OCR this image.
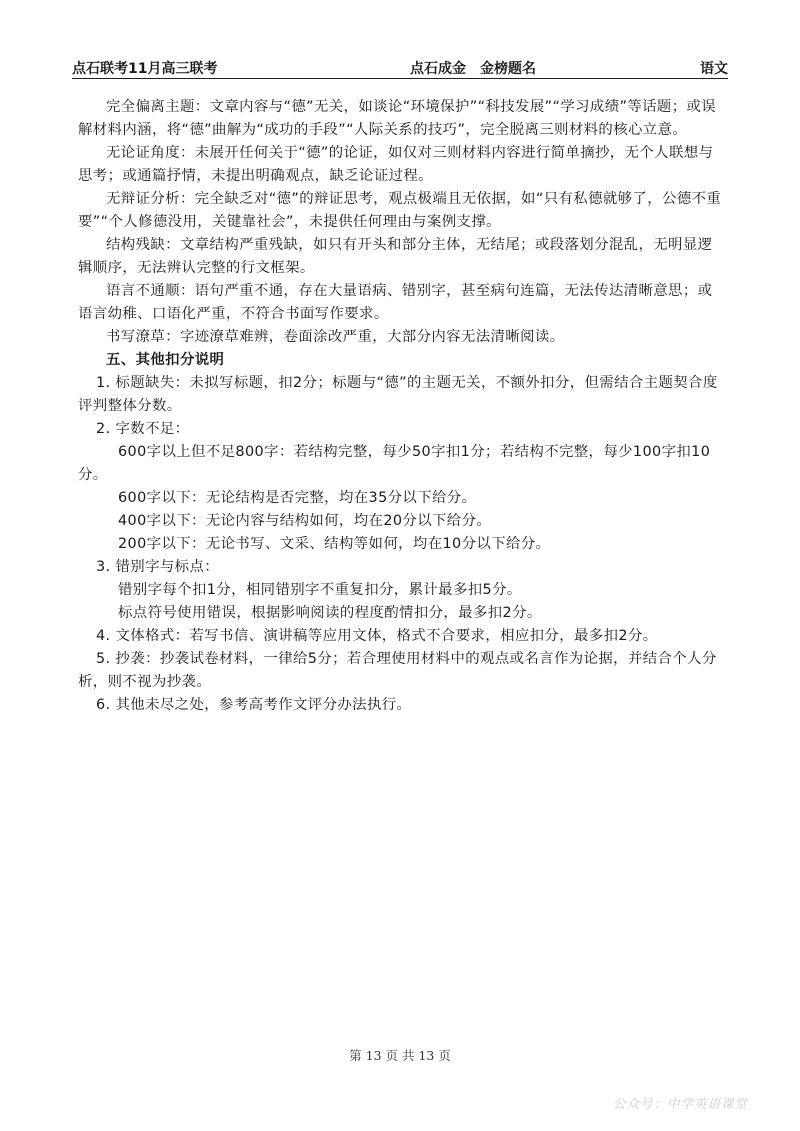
点石联考11月高三联考	点石成金　金榜题名	语文

完全偏离主题：文章内容与“德”无关，如谈论“环境保护”“科技发展”“学习成绩”等话题；或误解材料内涵，将“德”曲解为“成功的手段”“人际关系的技巧”，完全脱离三则材料的核心立意。

无论证角度：未展开任何关于“德”的论证，如仅对三则材料内容进行简单摘抄，无个人联想与思考；或通篇抒情，未提出明确观点，缺乏论证过程。

无辩证分析：完全缺乏对“德”的辩证思考，观点极端且无依据，如“只有私德就够了，公德不重要”“个人修德没用，关键靠社会”，未提供任何理由与案例支撑。

结构残缺：文章结构严重残缺，如只有开头和部分主体，无结尾；或段落划分混乱，无明显逻辑顺序，无法辨认完整的行文框架。

语言不通顺：语句严重不通，存在大量语病、错别字，甚至病句连篇，无法传达清晰意思；或语言幼稚、口语化严重，不符合书面写作要求。

书写潦草：字迹潦草难辨，卷面涂改严重，大部分内容无法清晰阅读。

五、其他扣分说明

1. 标题缺失：未拟写标题，扣2分；标题与“德”的主题无关，不额外扣分，但需结合主题契合度评判整体分数。

2. 字数不足：

600字以上但不足800字：若结构完整，每少50字扣1分；若结构不完整，每少100字扣10分。

600字以下：无论结构是否完整，均在35分以下给分。

400字以下：无论内容与结构如何，均在20分以下给分。

200字以下：无论书写、文采、结构等如何，均在10分以下给分。

3. 错别字与标点：

错别字每个扣1分，相同错别字不重复扣分，累计最多扣5分。

标点符号使用错误，根据影响阅读的程度酌情扣分，最多扣2分。

4. 文体格式：若写书信、演讲稿等应用文体，格式不合要求，相应扣分，最多扣2分。

5. 抄袭：抄袭试卷材料，一律给5分；若合理使用材料中的观点或名言作为论据，并结合个人分析，则不视为抄袭。

6. 其他未尽之处，参考高考作文评分办法执行。

第 13 页 共 13 页
公众号：中学英语课堂
